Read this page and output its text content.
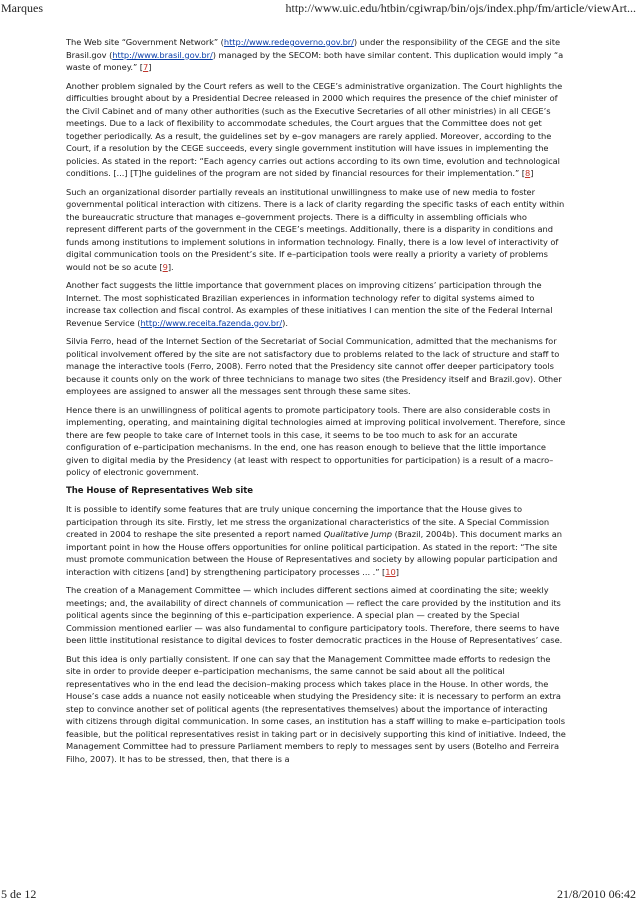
Marques	http://www.uic.edu/htbin/cgiwrap/bin/ojs/index.php/fm/article/viewArt...

The Web site “Government Network” (http://www.redegoverno.gov.br/) under the responsibility of the CEGE and the site Brasil.gov (http://www.brasil.gov.br/) managed by the SECOM: both have similar content. This duplication would imply “a waste of money.” [7]

Another problem signaled by the Court refers as well to the CEGE’s administrative organization. The Court highlights the difficulties brought about by a Presidential Decree released in 2000 which requires the presence of the chief minister of the Civil Cabinet and of many other authorities (such as the Executive Secretaries of all other ministries) in all CEGE’s meetings. Due to a lack of flexibility to accommodate schedules, the Court argues that the Committee does not get together periodically. As a result, the guidelines set by e–gov managers are rarely applied. Moreover, according to the Court, if a resolution by the CEGE succeeds, every single government institution will have issues in implementing the policies. As stated in the report: “Each agency carries out actions according to its own time, evolution and technological conditions. [...] [T]he guidelines of the program are not sided by financial resources for their implementation.” [8]

Such an organizational disorder partially reveals an institutional unwillingness to make use of new media to foster governmental political interaction with citizens. There is a lack of clarity regarding the specific tasks of each entity within the bureaucratic structure that manages e–government projects. There is a difficulty in assembling officials who represent different parts of the government in the CEGE’s meetings. Additionally, there is a disparity in conditions and funds among institutions to implement solutions in information technology. Finally, there is a low level of interactivity of digital communication tools on the President’s site. If e–participation tools were really a priority a variety of problems would not be so acute [9].

Another fact suggests the little importance that government places on improving citizens’ participation through the Internet. The most sophisticated Brazilian experiences in information technology refer to digital systems aimed to increase tax collection and fiscal control. As examples of these initiatives I can mention the site of the Federal Internal Revenue Service (http://www.receita.fazenda.gov.br/).

Silvia Ferro, head of the Internet Section of the Secretariat of Social Communication, admitted that the mechanisms for political involvement offered by the site are not satisfactory due to problems related to the lack of structure and staff to manage the interactive tools (Ferro, 2008). Ferro noted that the Presidency site cannot offer deeper participatory tools because it counts only on the work of three technicians to manage two sites (the Presidency itself and Brazil.gov). Other employees are assigned to answer all the messages sent through these same sites.

Hence there is an unwillingness of political agents to promote participatory tools. There are also considerable costs in implementing, operating, and maintaining digital technologies aimed at improving political involvement. Therefore, since there are few people to take care of Internet tools in this case, it seems to be too much to ask for an accurate configuration of e–participation mechanisms. In the end, one has reason enough to believe that the little importance given to digital media by the Presidency (at least with respect to opportunities for participation) is a result of a macro–policy of electronic government.

The House of Representatives Web site

It is possible to identify some features that are truly unique concerning the importance that the House gives to participation through its site. Firstly, let me stress the organizational characteristics of the site. A Special Commission created in 2004 to reshape the site presented a report named Qualitative Jump (Brazil, 2004b). This document marks an important point in how the House offers opportunities for online political participation. As stated in the report: “The site must promote communication between the House of Representatives and society by allowing popular participation and interaction with citizens [and] by strengthening participatory processes ... .” [10]

The creation of a Management Committee — which includes different sections aimed at coordinating the site; weekly meetings; and, the availability of direct channels of communication — reflect the care provided by the institution and its political agents since the beginning of this e–participation experience. A special plan — created by the Special Commission mentioned earlier — was also fundamental to configure participatory tools. Therefore, there seems to have been little institutional resistance to digital devices to foster democratic practices in the House of Representatives’ case.

But this idea is only partially consistent. If one can say that the Management Committee made efforts to redesign the site in order to provide deeper e–participation mechanisms, the same cannot be said about all the political representatives who in the end lead the decision–making process which takes place in the House. In other words, the House’s case adds a nuance not easily noticeable when studying the Presidency site: it is necessary to perform an extra step to convince another set of political agents (the representatives themselves) about the importance of interacting with citizens through digital communication. In some cases, an institution has a staff willing to make e–participation tools feasible, but the political representatives resist in taking part or in decisively supporting this kind of initiative. Indeed, the Management Committee had to pressure Parliament members to reply to messages sent by users (Botelho and Ferreira Filho, 2007). It has to be stressed, then, that there is a

5 de 12	21/8/2010 06:42
